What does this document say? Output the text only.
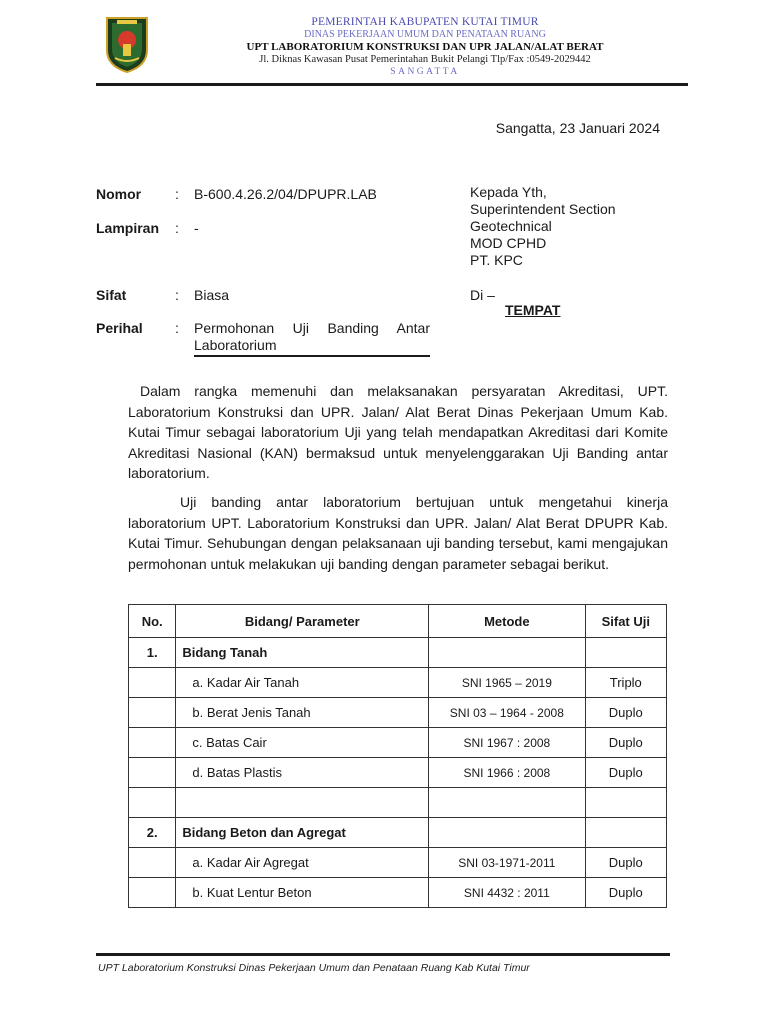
PEMERINTAH KABUPATEN KUTAI TIMUR
DINAS PEKERJAAN UMUM DAN PENATAAN RUANG
UPT LABORATORIUM KONSTRUKSI DAN UPR JALAN/ALAT BERAT
Jl. Diknas Kawasan Pusat Pemerintahan Bukit Pelangi Tlp/Fax :0549-2029442
SANGATTA
Sangatta, 23 Januari 2024
Nomor : B-600.4.26.2/04/DPUPR.LAB
Lampiran : -
Sifat	: Biasa
Perihal : Permohonan Uji Banding Antar
Laboratorium
Kepada Yth,
Superintendent Section
Geotechnical
MOD CPHD
PT. KPC
Di –
TEMPAT
Dalam rangka memenuhi dan melaksanakan persyaratan Akreditasi, UPT. Laboratorium Konstruksi dan UPR. Jalan/ Alat Berat Dinas Pekerjaan Umum Kab. Kutai Timur sebagai laboratorium Uji yang telah mendapatkan Akreditasi dari Komite Akreditasi Nasional (KAN) bermaksud untuk menyelenggarakan Uji Banding antar laboratorium.
Uji banding antar laboratorium bertujuan untuk mengetahui kinerja laboratorium UPT. Laboratorium Konstruksi dan UPR. Jalan/ Alat Berat DPUPR Kab. Kutai Timur. Sehubungan dengan pelaksanaan uji banding tersebut, kami mengajukan permohonan untuk melakukan uji banding dengan parameter sebagai berikut.
No.	Bidang/ Parameter	Metode	Sifat Uji
1.	Bidang Tanah		
	a. Kadar Air Tanah	SNI 1965 – 2019	Triplo
	b. Berat Jenis Tanah	SNI 03 – 1964 - 2008	Duplo
	c. Batas Cair	SNI 1967 : 2008	Duplo
	d. Batas Plastis	SNI 1966 : 2008	Duplo

2.	Bidang Beton dan Agregat		
	a. Kadar Air Agregat	SNI 03-1971-2011	Duplo
	b. Kuat Lentur Beton	SNI 4432 : 2011	Duplo
UPT Laboratorium Konstruksi Dinas Pekerjaan Umum dan Penataan Ruang Kab Kutai Timur
